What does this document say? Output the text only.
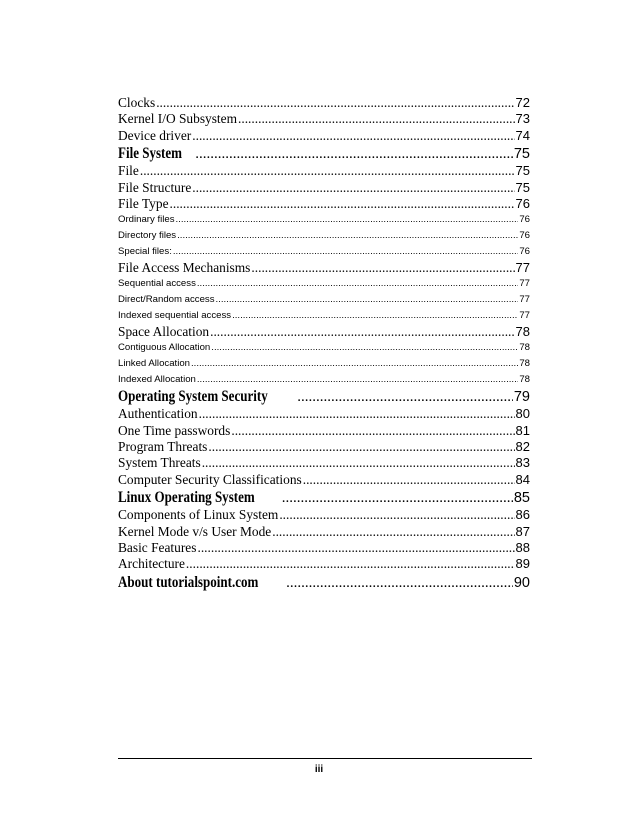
Clocks .....	72
Kernel I/O Subsystem .....	73
Device driver .....	74
File System .....	75
File .....	75
File Structure .....	75
File Type .....	76
Ordinary files .....	76
Directory files .....	76
Special files: .....	76
File Access Mechanisms .....	77
Sequential access .....	77
Direct/Random access .....	77
Indexed sequential access .....	77
Space Allocation .....	78
Contiguous Allocation .....	78
Linked Allocation .....	78
Indexed Allocation .....	78
Operating System Security .....	79
Authentication .....	80
One Time passwords .....	81
Program Threats .....	82
System Threats .....	83
Computer Security Classifications .....	84
Linux Operating System .....	85
Components of Linux System .....	86
Kernel Mode v/s User Mode .....	87
Basic Features .....	88
Architecture .....	89
About tutorialspoint.com .....	90
iii
